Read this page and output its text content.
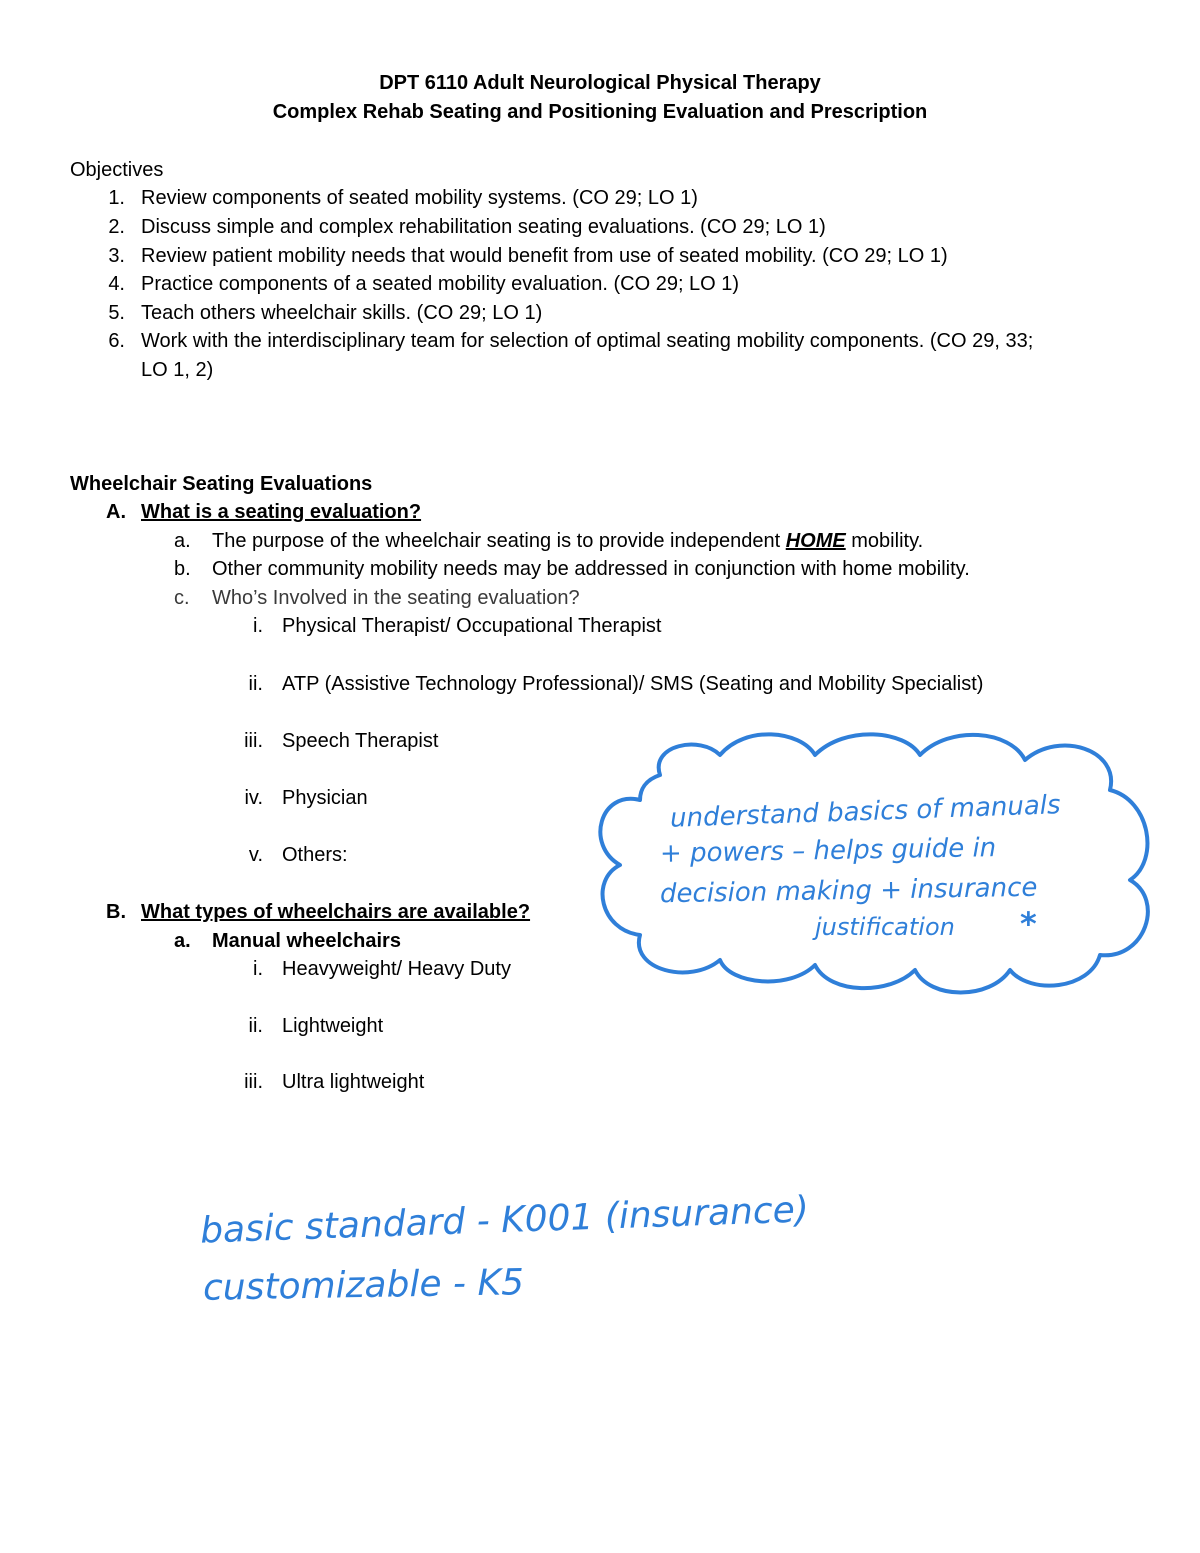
DPT 6110 Adult Neurological Physical Therapy
Complex Rehab Seating and Positioning Evaluation and Prescription
Objectives
1. Review components of seated mobility systems. (CO 29; LO 1)
2. Discuss simple and complex rehabilitation seating evaluations. (CO 29; LO 1)
3. Review patient mobility needs that would benefit from use of seated mobility. (CO 29; LO 1)
4. Practice components of a seated mobility evaluation. (CO 29; LO 1)
5. Teach others wheelchair skills. (CO 29; LO 1)
6. Work with the interdisciplinary team for selection of optimal seating mobility components. (CO 29, 33;
LO 1, 2)
Wheelchair Seating Evaluations
A. What is a seating evaluation?
a. The purpose of the wheelchair seating is to provide independent HOME mobility.
b. Other community mobility needs may be addressed in conjunction with home mobility.
c. Who’s Involved in the seating evaluation?
i. Physical Therapist/ Occupational Therapist
ii. ATP (Assistive Technology Professional)/ SMS (Seating and Mobility Specialist)
iii. Speech Therapist
iv. Physician
v. Others:
B. What types of wheelchairs are available?
a. Manual wheelchairs
i. Heavyweight/ Heavy Duty
ii. Lightweight
iii. Ultra lightweight
understand basics of manuals
+ powers – helps guide in
decision making + insurance
justification *
basic standard - K001 (insurance)
customizable - K5
